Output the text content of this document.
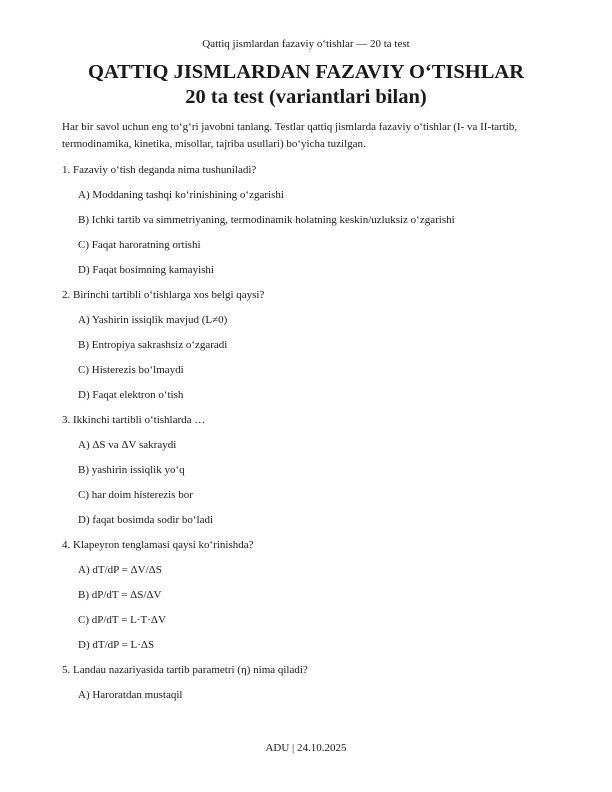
Qattiq jismlardan fazaviy o‘tishlar — 20 ta test
QATTIQ JISMLARDAN FAZAVIY O‘TISHLAR
20 ta test (variantlari bilan)
Har bir savol uchun eng to‘g‘ri javobni tanlang. Testlar qattiq jismlarda fazaviy o‘tishlar (I- va II-tartib, termodinamika, kinetika, misollar, tajriba usullari) bo‘yicha tuzilgan.
1. Fazaviy o‘tish deganda nima tushuniladi?
A) Moddaning tashqi ko‘rinishining o‘zgarishi
B) Ichki tartib va simmetriyaning, termodinamik holatning keskin/uzluksiz o‘zgarishi
C) Faqat haroratning ortishi
D) Faqat bosimning kamayishi
2. Birinchi tartibli o‘tishlarga xos belgi qaysi?
A) Yashirin issiqlik mavjud (L≠0)
B) Entropiya sakrashsiz o‘zgaradi
C) Histerezis bo‘lmaydi
D) Faqat elektron o‘tish
3. Ikkinchi tartibli o‘tishlarda …
A) ΔS va ΔV sakraydi
B) yashirin issiqlik yo‘q
C) har doim histerezis bor
D) faqat bosimda sodir bo‘ladi
4. Klapeyron tenglamasi qaysi ko‘rinishda?
A) dT/dP = ΔV/ΔS
B) dP/dT = ΔS/ΔV
C) dP/dT = L·T·ΔV
D) dT/dP = L·ΔS
5. Landau nazariyasida tartib parametri (η) nima qiladi?
A) Haroratdan mustaqil
ADU | 24.10.2025
